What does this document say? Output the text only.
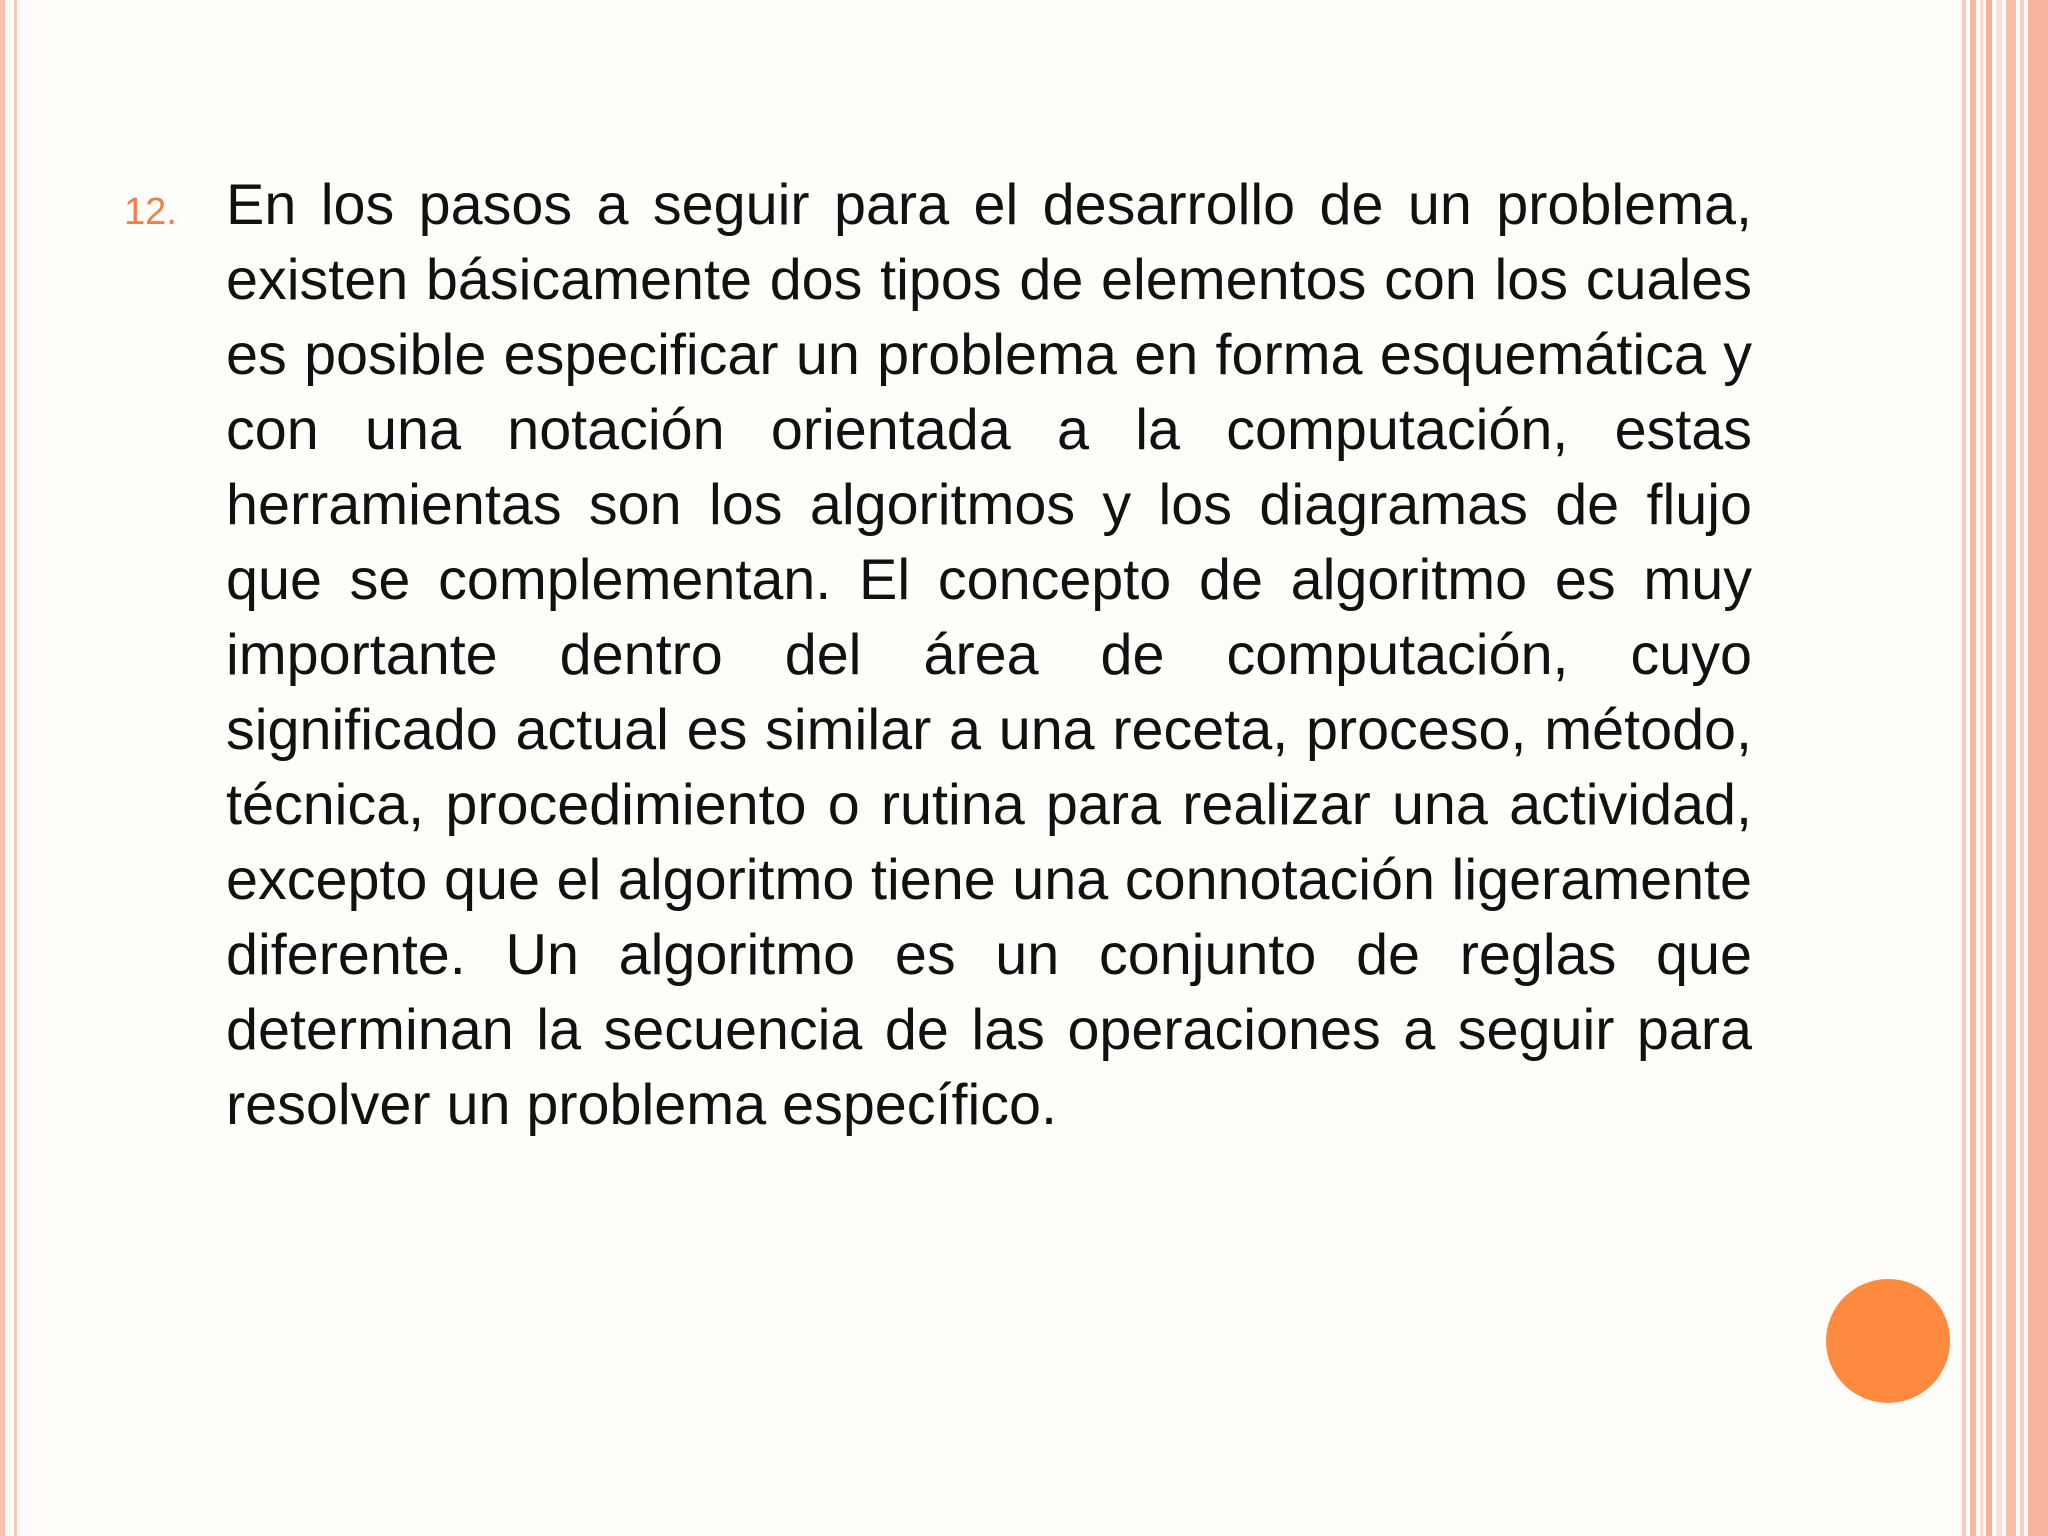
12. En los pasos a seguir para el desarrollo de un problema, existen básicamente dos tipos de elementos con los cuales es posible especificar un problema en forma esquemática y con una notación orientada a la computación, estas herramientas son los algoritmos y los diagramas de flujo que se complementan. El concepto de algoritmo es muy importante dentro del área de computación, cuyo significado actual es similar a una receta, proceso, método, técnica, procedimiento o rutina para realizar una actividad, excepto que el algoritmo tiene una connotación ligeramente diferente. Un algoritmo es un conjunto de reglas que determinan la secuencia de las operaciones a seguir para resolver un problema específico.
